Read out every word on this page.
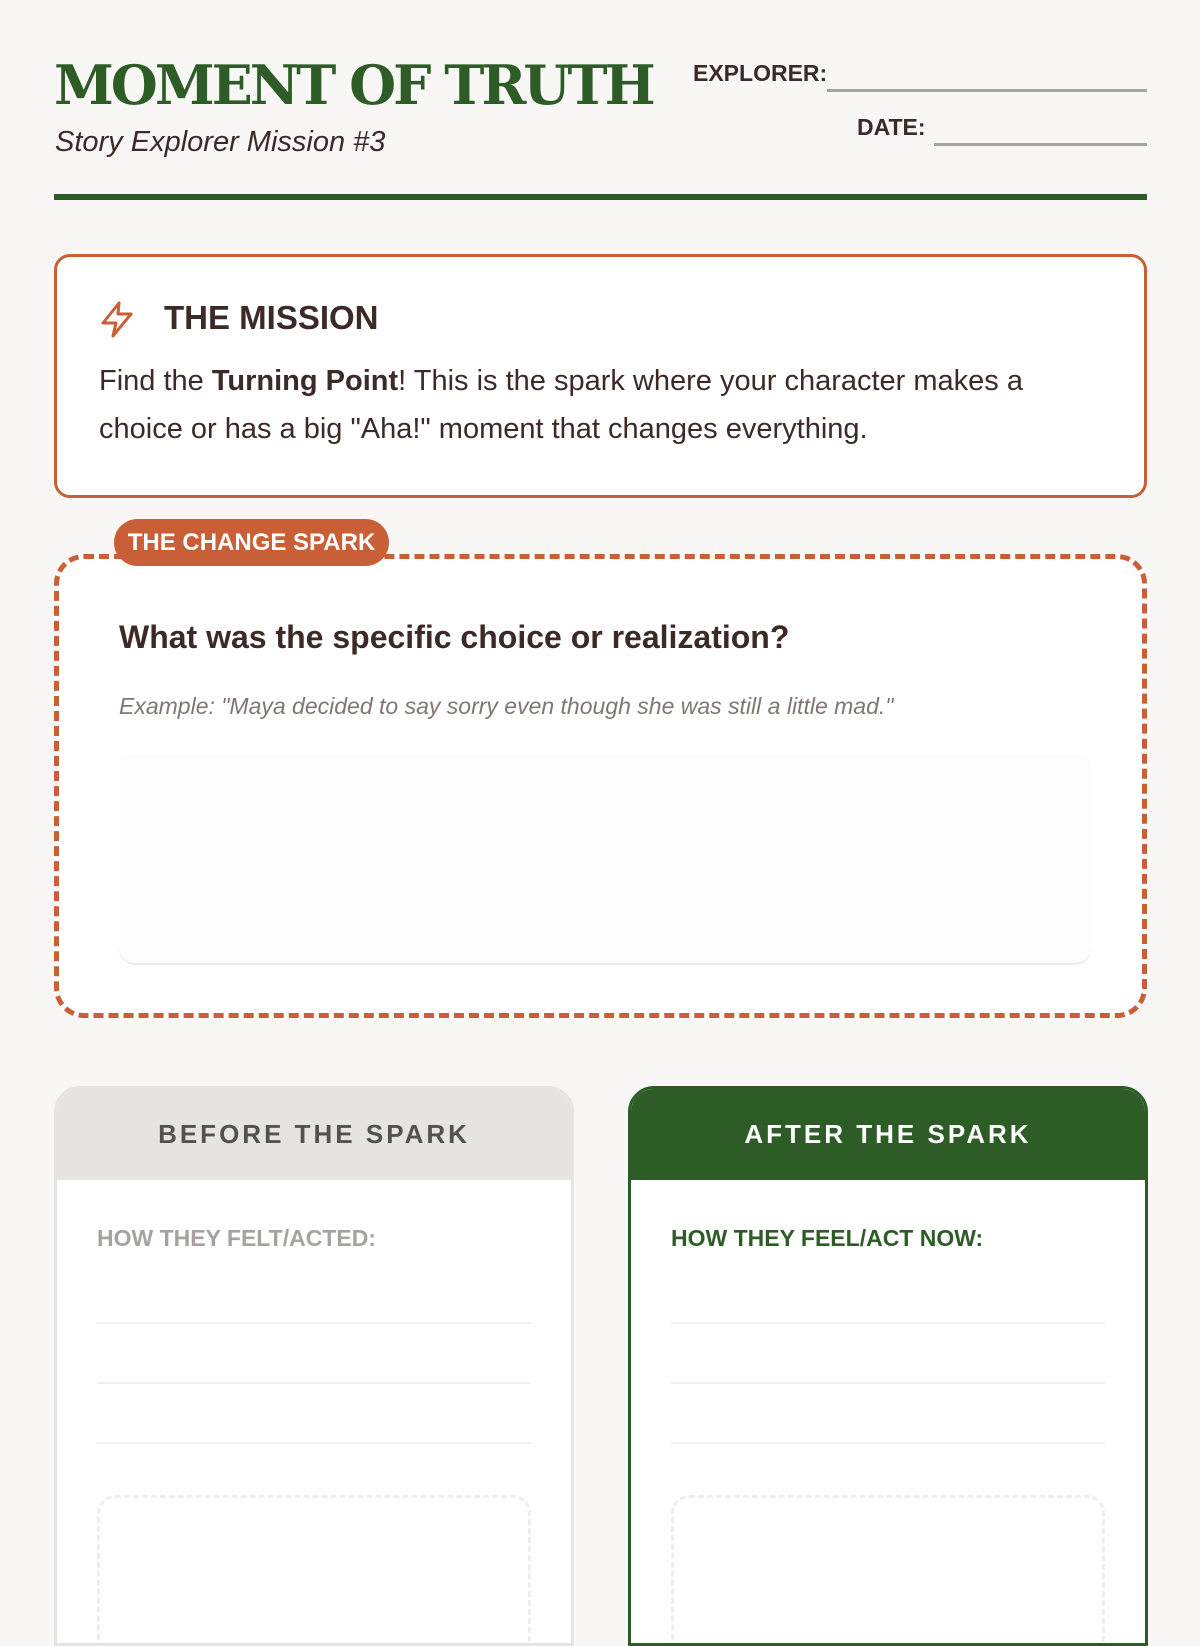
MOMENT OF TRUTH

Story Explorer Mission #3

EXPLORER:
DATE:
THE MISSION

Find the Turning Point! This is the spark where your character makes a choice or has a big "Aha!" moment that changes everything.

What was the specific choice or realization?
Example: "Maya decided to say sorry even though she was still a little mad."
THE CHANGE SPARK
BEFORE THE SPARK
HOW THEY FELT/ACTED:
AFTER THE SPARK
HOW THEY FEEL/ACT NOW:
